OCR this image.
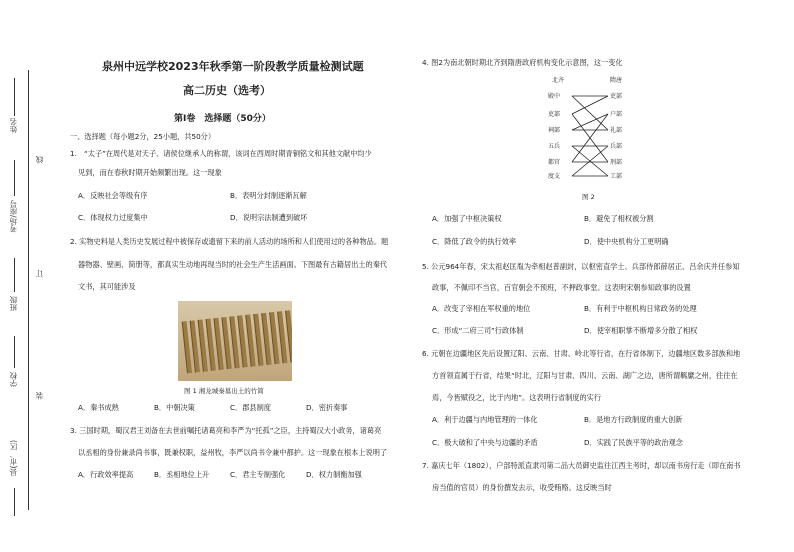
姓名
线
考场/座号
订
班级
学校
装
县(市、区)
泉州中远学校2023年秋季第一阶段教学质量检测试题
高二历史（选考）
第Ⅰ卷　选择题（50分）
一、选择题（每小题2分，25小题，共50分）
1.　“太子”在周代是对天子、诸侯位继承人的称谓，该词在西周时期青铜铭文和其他文献中均少
见到，而在春秋时期开始频繁出现。这一现象
A．反映社会等级有序	B．表明分封制逐渐瓦解
C．体现权力过度集中	D．说明宗法制遭到破坏
2. 实物史料是人类历史发展过程中被保存或遗留下来的前人活动的场所和人们使用过的各种物品。题
器物器、壁画、简册等，都真实生动地再现当时的社会生产生活画面。下图最有古籍居出土的秦代
文书，其可能涉及
图 1 湘龙城秦墓出土的竹简
A．秦书成熟	B．中朝决策	C．郡县制度	D．密折奏事
3. 三国时期，蜀汉君王刘备在去世前嘱托诸葛亮和李严为“托孤”之臣，主持蜀汉大小政务，诸葛亮
以丞相的身份兼录尚书事，既兼权职，益州牧，李严以尚书令兼中都护。这一现象在根本上说明了
A．行政效率提高	B．丞相地位上升	C．君主专制强化	D．权力制衡加强
4. 图2为南北朝时期北齐到隋唐政府机构变化示意图，这一变化
北齐	隋唐
殿中
吏部
祠部
五兵
都官
度支
吏部
户部
礼部
兵部
刑部
工部
图 2
A．加强了中枢决策权	B．避免了相权被分割
C．降低了政令的执行效率	D．使中央机构分工更明确
5. 公元964年春，宋太祖赵匡胤为牵相赵普副封，以枢密直学士、兵部侍郎薛居正、吕余庆并任参知
政事，不佩印不当官，百官朝会不预班，不押政事堂。这表明宋朝参知政事的设置
A．改变了宰相在军权重的地位	B．有利于中枢机构日常政务的处理
C．形成“二府三司”行政体制	D．使宰相职掌不断增多分散了相权
6. 元朝在边疆地区先后设置辽阳、云南、甘肃、岭北等行省，在行省体制下，边疆地区数多部族和地
方首领直属于行省，结果“时北，辽阳与甘肃、四川、云南、湖广之边，唐所谓羁縻之州，往往在
焉，今皆赋役之，比于内地”。这表明行省制度的实行
A．利于边疆与内地管理的一体化	B．是地方行政制度的重大创新
C．极大破和了中央与边疆的矛盾	D．实践了民族平等的政治观念
7. 嘉庆七年（1802），户部特派直隶司第二品大员御史监往江西主考时，却以南书房行走（即在南书
房当值的官员）的身份撰发去示，收受贿赂。这反映当时
